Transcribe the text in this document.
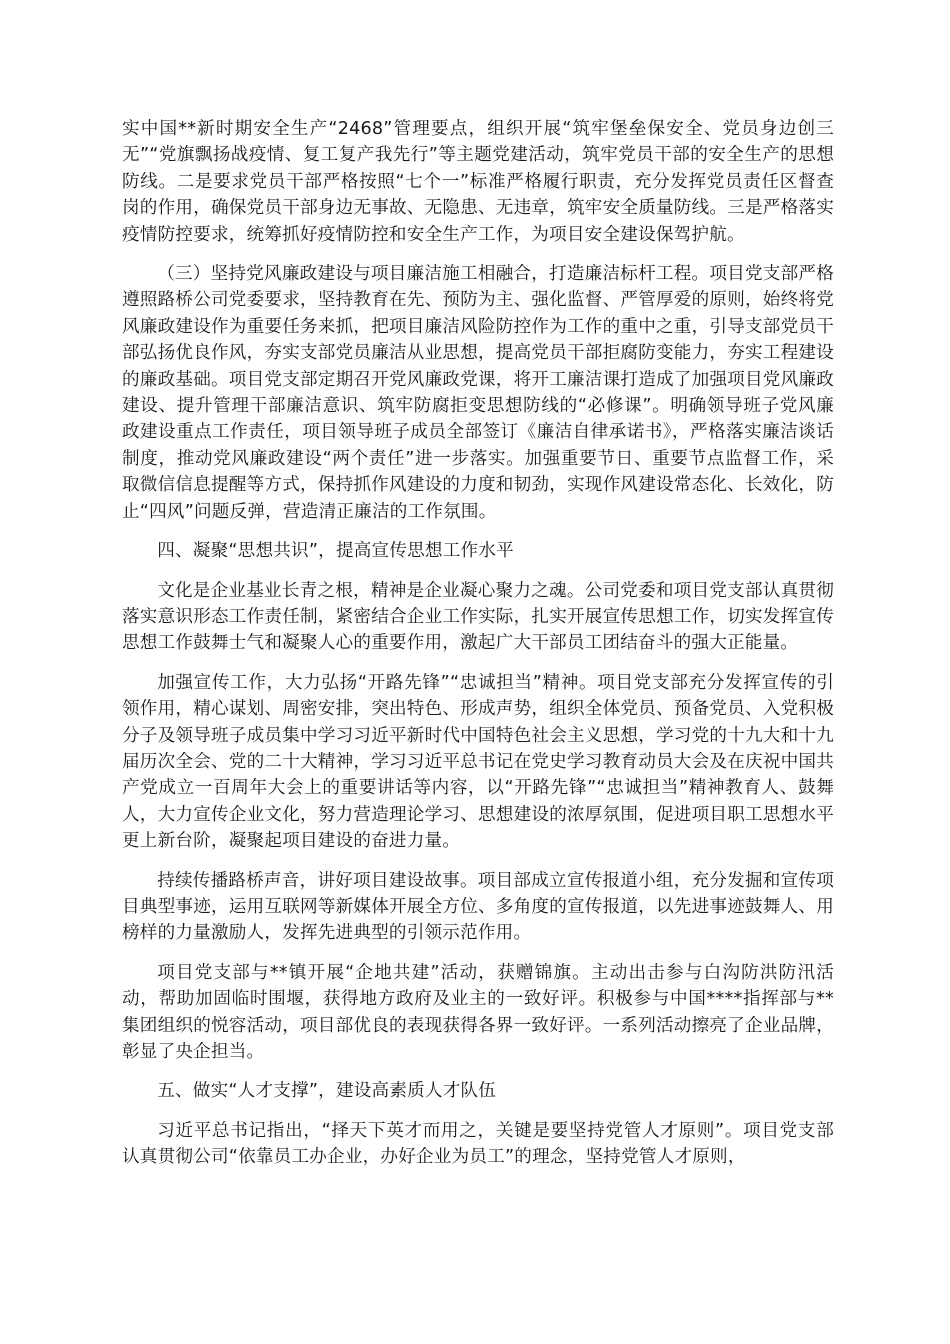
实中国**新时期安全生产“2468”管理要点，组织开展“筑牢堡垒保安全、党员身边创三无”“党旗飘扬战疫情、复工复产我先行”等主题党建活动，筑牢党员干部的安全生产的思想防线。二是要求党员干部严格按照“七个一”标准严格履行职责，充分发挥党员责任区督查岗的作用，确保党员干部身边无事故、无隐患、无违章，筑牢安全质量防线。三是严格落实疫情防控要求，统筹抓好疫情防控和安全生产工作，为项目安全建设保驾护航。

（三）坚持党风廉政建设与项目廉洁施工相融合，打造廉洁标杆工程。项目党支部严格遵照路桥公司党委要求，坚持教育在先、预防为主、强化监督、严管厚爱的原则，始终将党风廉政建设作为重要任务来抓，把项目廉洁风险防控作为工作的重中之重，引导支部党员干部弘扬优良作风，夯实支部党员廉洁从业思想，提高党员干部拒腐防变能力，夯实工程建设的廉政基础。项目党支部定期召开党风廉政党课，将开工廉洁课打造成了加强项目党风廉政建设、提升管理干部廉洁意识、筑牢防腐拒变思想防线的“必修课”。明确领导班子党风廉政建设重点工作责任，项目领导班子成员全部签订《廉洁自律承诺书》，严格落实廉洁谈话制度，推动党风廉政建设“两个责任”进一步落实。加强重要节日、重要节点监督工作，采取微信信息提醒等方式，保持抓作风建设的力度和韧劲，实现作风建设常态化、长效化，防止“四风”问题反弹，营造清正廉洁的工作氛围。

四、凝聚“思想共识”，提高宣传思想工作水平

文化是企业基业长青之根，精神是企业凝心聚力之魂。公司党委和项目党支部认真贯彻落实意识形态工作责任制，紧密结合企业工作实际，扎实开展宣传思想工作，切实发挥宣传思想工作鼓舞士气和凝聚人心的重要作用，激起广大干部员工团结奋斗的强大正能量。

加强宣传工作，大力弘扬“开路先锋”“忠诚担当”精神。项目党支部充分发挥宣传的引领作用，精心谋划、周密安排，突出特色、形成声势，组织全体党员、预备党员、入党积极分子及领导班子成员集中学习习近平新时代中国特色社会主义思想，学习党的十九大和十九届历次全会、党的二十大精神，学习习近平总书记在党史学习教育动员大会及在庆祝中国共产党成立一百周年大会上的重要讲话等内容，以“开路先锋”“忠诚担当”精神教育人、鼓舞人，大力宣传企业文化，努力营造理论学习、思想建设的浓厚氛围，促进项目职工思想水平更上新台阶，凝聚起项目建设的奋进力量。

持续传播路桥声音，讲好项目建设故事。项目部成立宣传报道小组，充分发掘和宣传项目典型事迹，运用互联网等新媒体开展全方位、多角度的宣传报道，以先进事迹鼓舞人、用榜样的力量激励人，发挥先进典型的引领示范作用。

项目党支部与**镇开展“企地共建”活动，获赠锦旗。主动出击参与白沟防洪防汛活动，帮助加固临时围堰，获得地方政府及业主的一致好评。积极参与中国****指挥部与**集团组织的悦容活动，项目部优良的表现获得各界一致好评。一系列活动擦亮了企业品牌，彰显了央企担当。

五、做实“人才支撑”，建设高素质人才队伍

习近平总书记指出，“择天下英才而用之，关键是要坚持党管人才原则”。项目党支部认真贯彻公司“依靠员工办企业，办好企业为员工”的理念，坚持党管人才原则，
